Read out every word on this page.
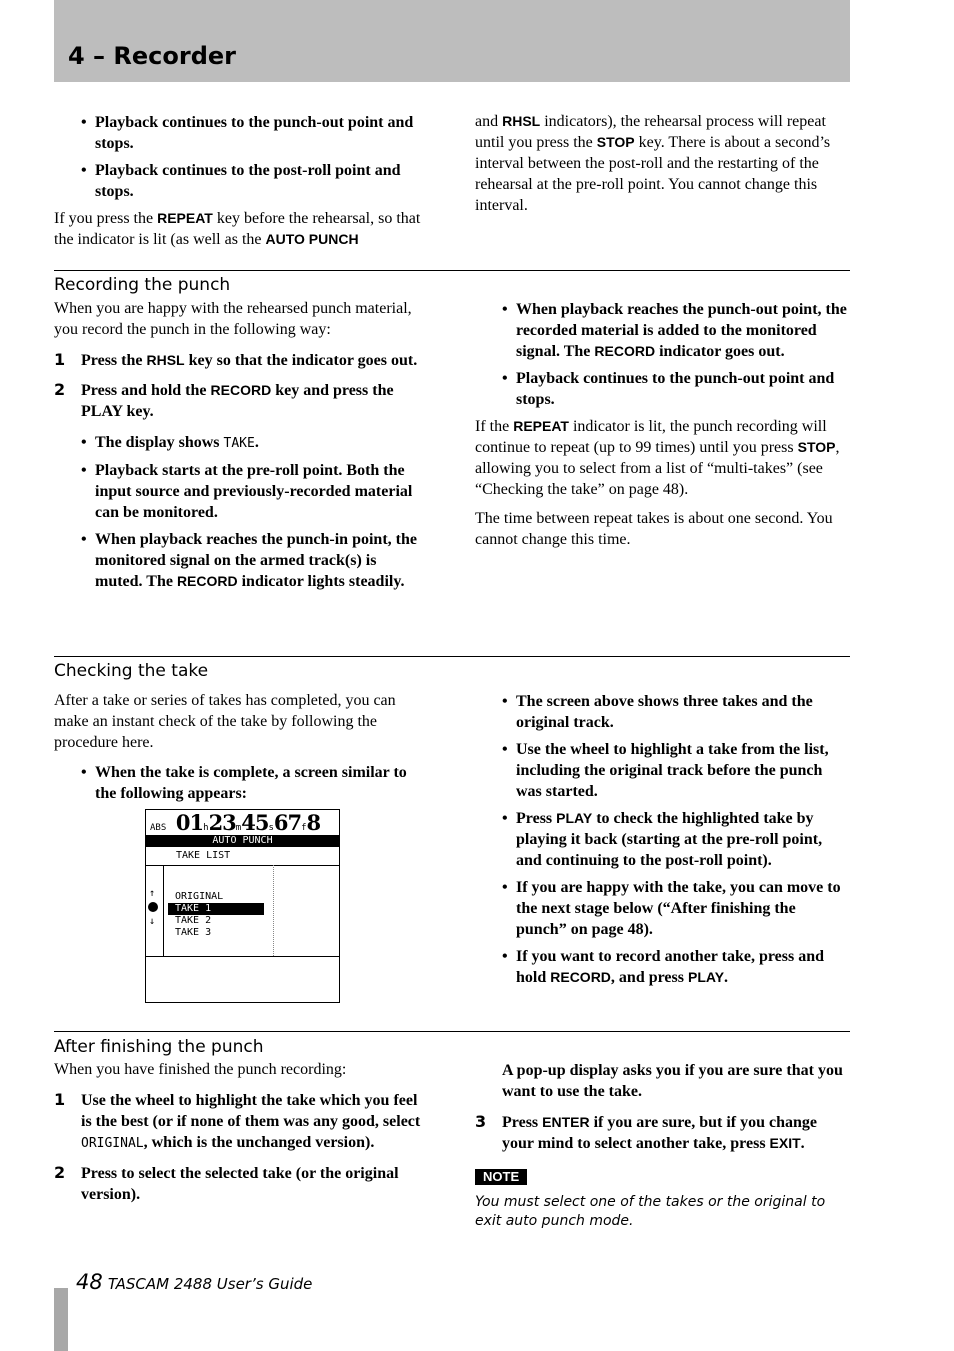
4 – Recorder
• Playback continues to the punch-out point and stops.
• Playback continues to the post-roll point and stops.

If you press the REPEAT key before the rehearsal, so that the indicator is lit (as well as the AUTO PUNCH

and RHSL indicators), the rehearsal process will repeat until you press the STOP key. There is about a second’s interval between the post-roll and the restarting of the rehearsal at the pre-roll point. You cannot change this interval.

Recording the punch

When you are happy with the rehearsed punch material, you record the punch in the following way:

1 Press the RHSL key so that the indicator goes out.
2 Press and hold the RECORD key and press the PLAY key.
• The display shows TAKE.
• Playback starts at the pre-roll point. Both the input source and previously-recorded material can be monitored.
• When playback reaches the punch-in point, the monitored signal on the armed track(s) is muted. The RECORD indicator lights steadily.
• When playback reaches the punch-out point, the recorded material is added to the monitored signal. The RECORD indicator goes out.
• Playback continues to the punch-out point and stops.

If the REPEAT indicator is lit, the punch recording will continue to repeat (up to 99 times) until you press STOP, allowing you to select from a list of “multi-takes” (see “Checking the take” on page 48).

The time between repeat takes is about one second. You cannot change this time.

Checking the take

After a take or series of takes has completed, you can make an instant check of the take by following the procedure here.

• When the take is complete, a screen similar to the following appears:
ABS 01h23m45s67f8
AUTO PUNCH
TAKE LIST
↑
↓
ORIGINAL
TAKE 1
TAKE 2
TAKE 3
• The screen above shows three takes and the original track.
• Use the wheel to highlight a take from the list, including the original track before the punch was started.
• Press PLAY to check the highlighted take by playing it back (starting at the pre-roll point, and continuing to the post-roll point).
• If you are happy with the take, you can move to the next stage below (“After finishing the punch” on page 48).
• If you want to record another take, press and hold RECORD, and press PLAY.
After finishing the punch

When you have finished the punch recording:

1 Use the wheel to highlight the take which you feel is the best (or if none of them was any good, select ORIGINAL, which is the unchanged version).
2 Press to select the selected take (or the original version).

A pop-up display asks you if you are sure that you want to use the take.

3 Press ENTER if you are sure, but if you change your mind to select another take, press EXIT.
NOTE
You must select one of the takes or the original to exit auto punch mode.
48 TASCAM 2488 User’s Guide
